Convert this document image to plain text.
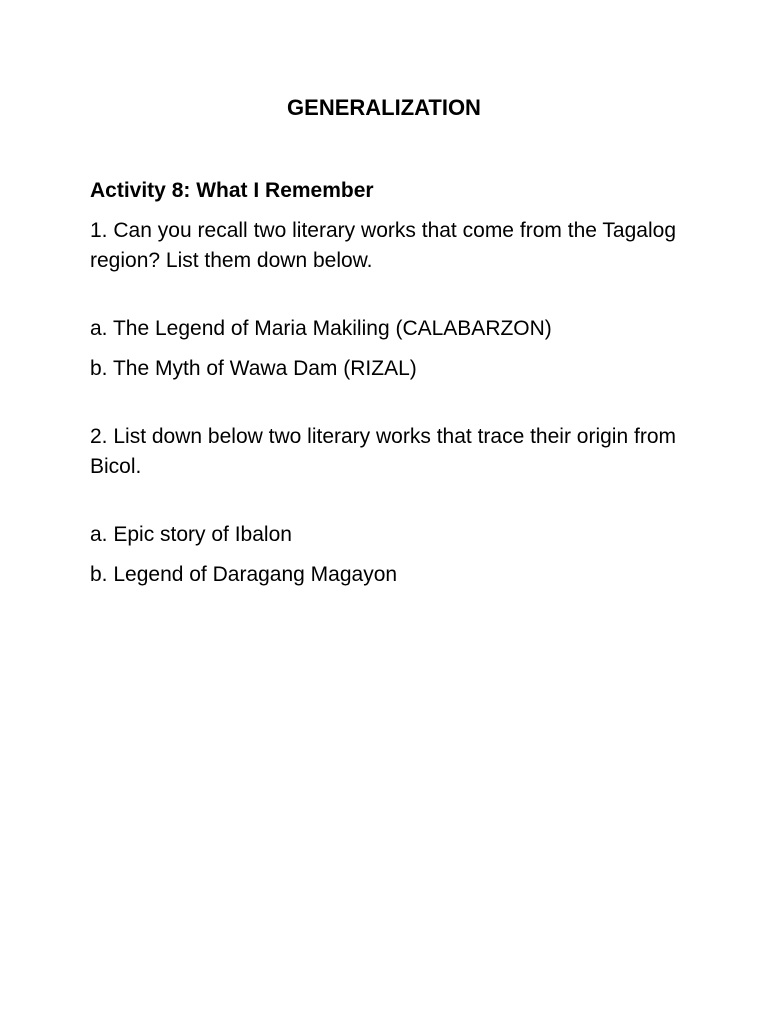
GENERALIZATION
Activity 8: What I Remember
1. Can you recall two literary works that come from the Tagalog region? List them down below.
a. The Legend of Maria Makiling (CALABARZON)
b. The Myth of Wawa Dam (RIZAL)
2. List down below two literary works that trace their origin from Bicol.
a. Epic story of Ibalon
b. Legend of Daragang Magayon
